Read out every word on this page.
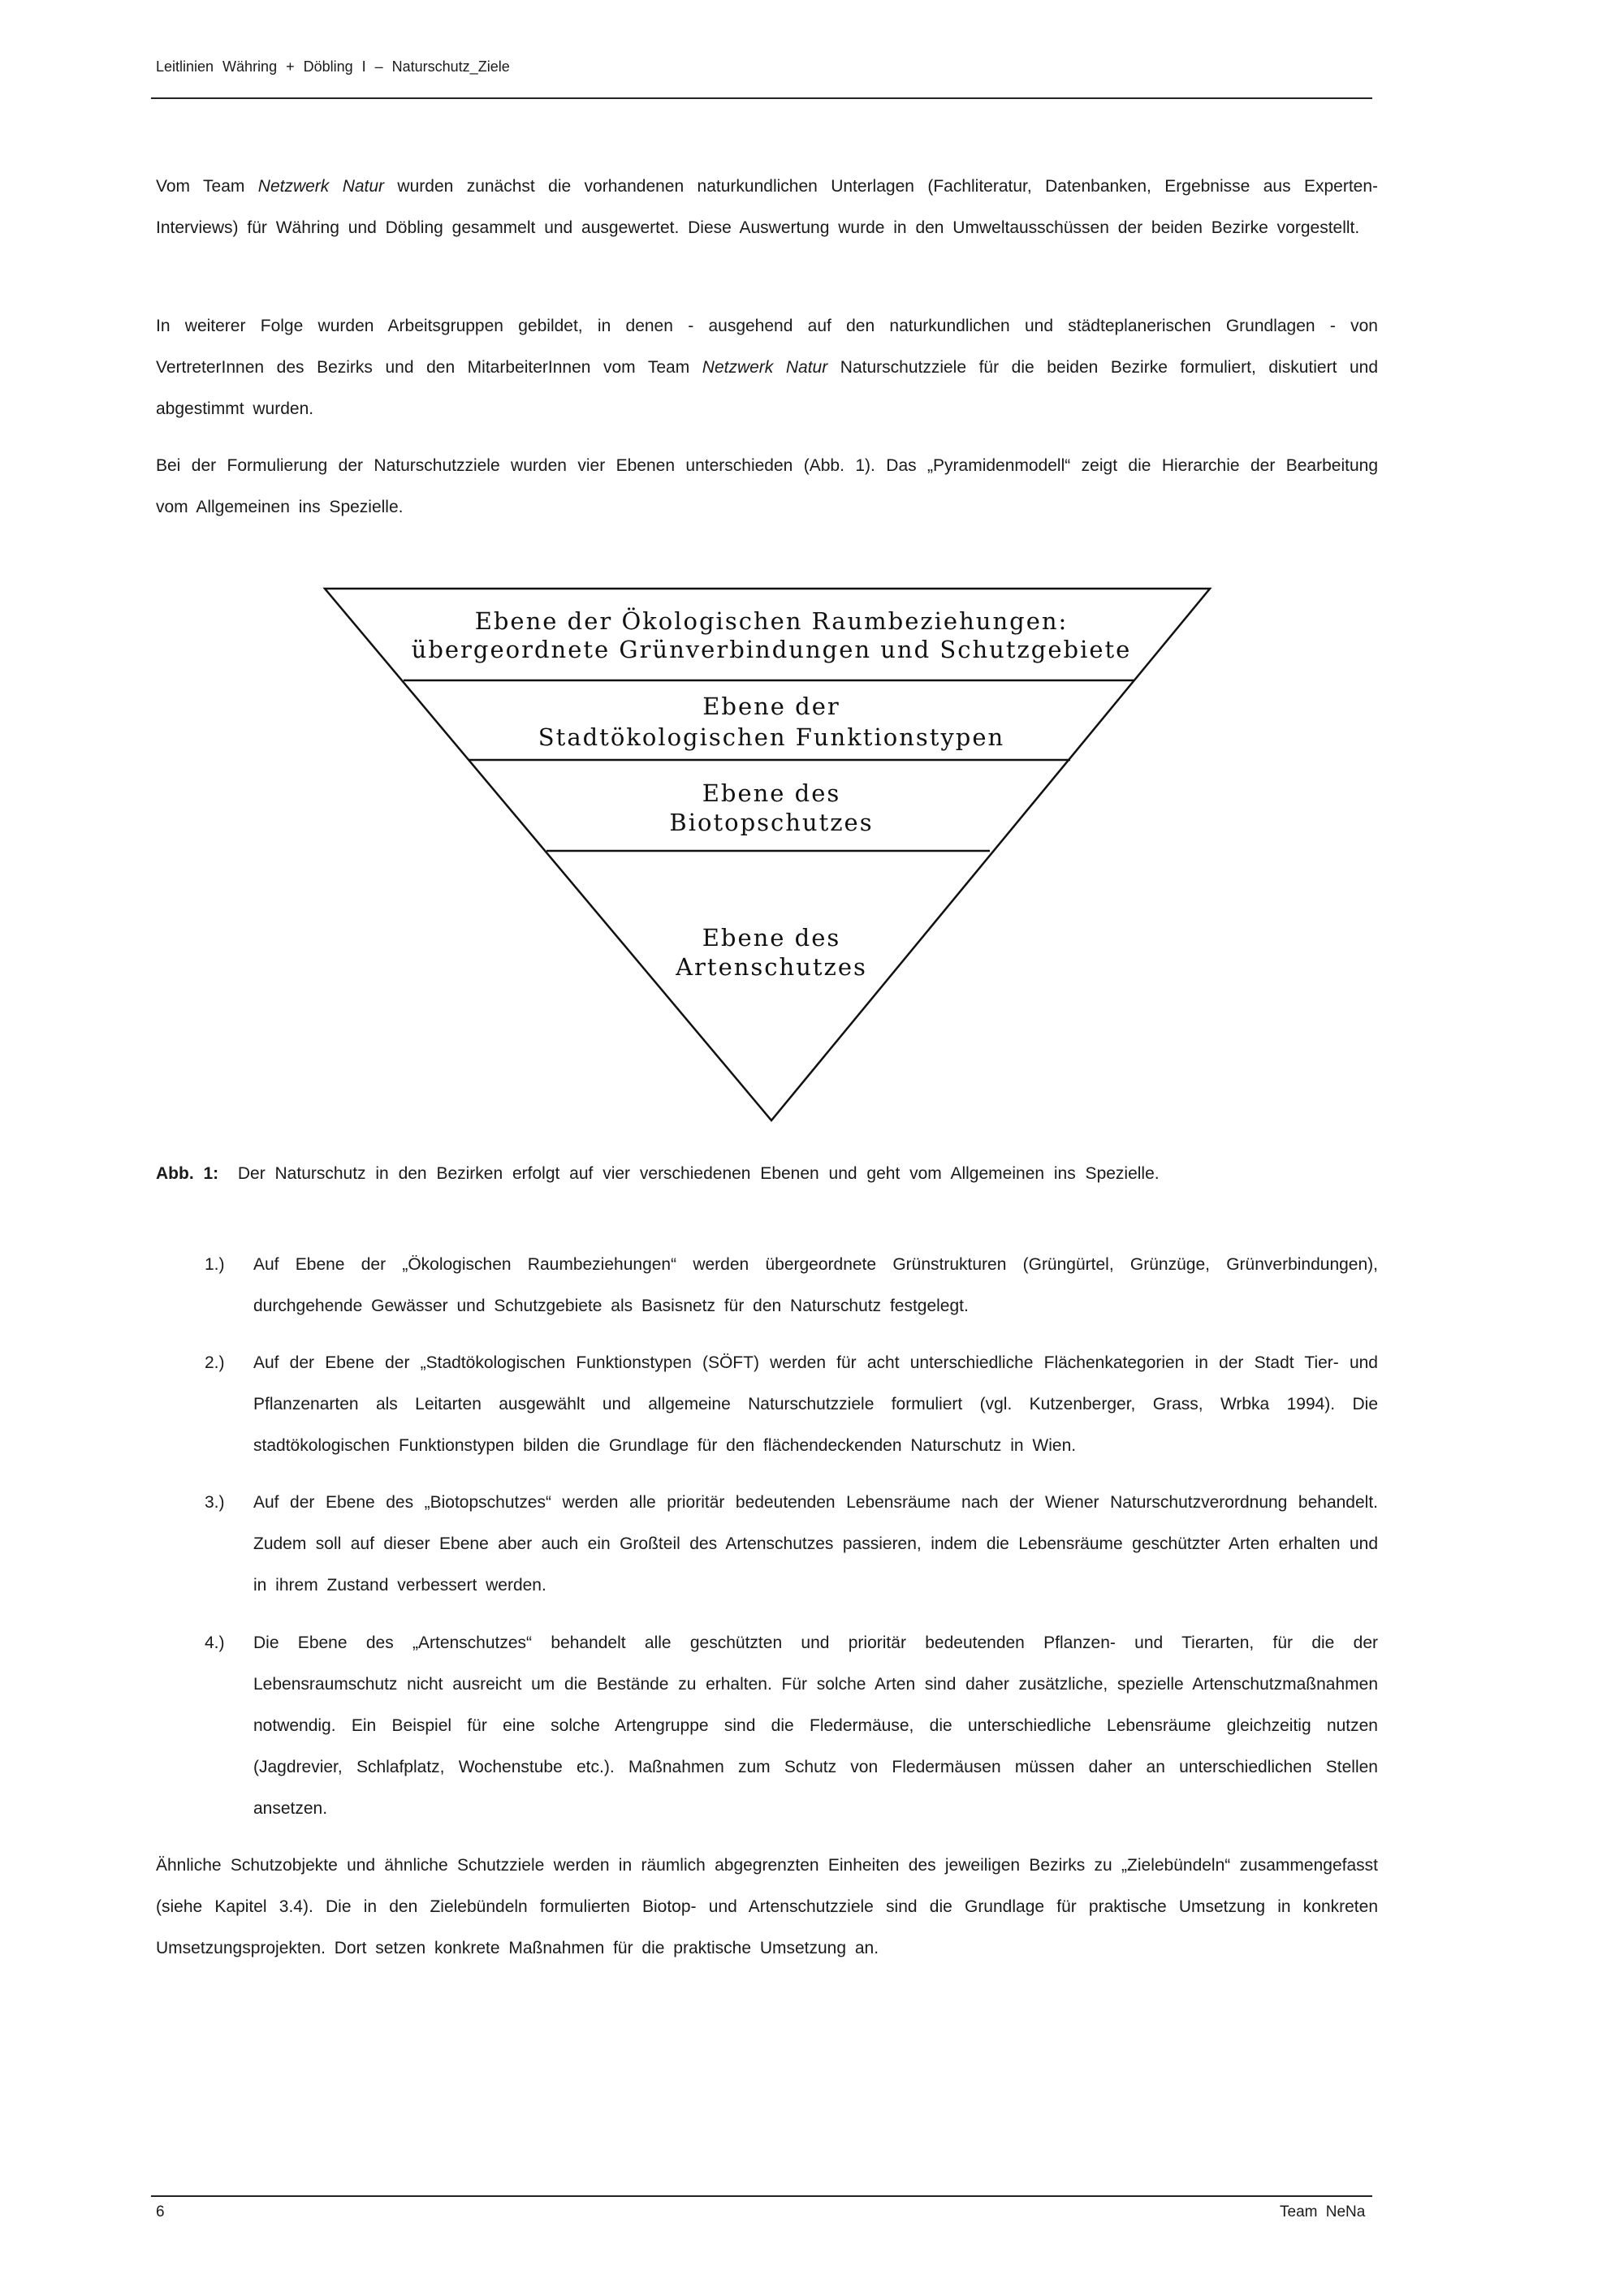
Leitlinien Währing + Döbling I – Naturschutz_Ziele
Vom Team Netzwerk Natur wurden zunächst die vorhandenen naturkundlichen Unterlagen (Fachliteratur, Datenbanken, Ergebnisse aus Experten-Interviews) für Währing und Döbling gesammelt und ausgewertet. Diese Auswertung wurde in den Umweltausschüssen der beiden Bezirke vorgestellt.
In weiterer Folge wurden Arbeitsgruppen gebildet, in denen - ausgehend auf den naturkundlichen und städteplanerischen Grundlagen - von VertreterInnen des Bezirks und den MitarbeiterInnen vom Team Netzwerk Natur Naturschutzziele für die beiden Bezirke formuliert, diskutiert und abgestimmt wurden.
Bei der Formulierung der Naturschutzziele wurden vier Ebenen unterschieden (Abb. 1). Das „Pyramidenmodell“ zeigt die Hierarchie der Bearbeitung vom Allgemeinen ins Spezielle.
Ebene der Ökologischen Raumbeziehungen:
übergeordnete Grünverbindungen und Schutzgebiete
Ebene der
Stadtökologischen Funktionstypen
Ebene des
Biotopschutzes
Ebene des
Artenschutzes
Abb. 1: Der Naturschutz in den Bezirken erfolgt auf vier verschiedenen Ebenen und geht vom Allgemeinen ins Spezielle.
1.) Auf Ebene der „Ökologischen Raumbeziehungen“ werden übergeordnete Grünstrukturen (Grüngürtel, Grünzüge, Grünverbindungen), durchgehende Gewässer und Schutzgebiete als Basisnetz für den Naturschutz festgelegt.
2.) Auf der Ebene der „Stadtökologischen Funktionstypen (SÖFT) werden für acht unterschiedliche Flächenkategorien in der Stadt Tier- und Pflanzenarten als Leitarten ausgewählt und allgemeine Naturschutzziele formuliert (vgl. Kutzenberger, Grass, Wrbka 1994). Die stadtökologischen Funktionstypen bilden die Grundlage für den flächendeckenden Naturschutz in Wien.
3.) Auf der Ebene des „Biotopschutzes“ werden alle prioritär bedeutenden Lebensräume nach der Wiener Naturschutzverordnung behandelt. Zudem soll auf dieser Ebene aber auch ein Großteil des Artenschutzes passieren, indem die Lebensräume geschützter Arten erhalten und in ihrem Zustand verbessert werden.
4.) Die Ebene des „Artenschutzes“ behandelt alle geschützten und prioritär bedeutenden Pflanzen- und Tierarten, für die der Lebensraumschutz nicht ausreicht um die Bestände zu erhalten. Für solche Arten sind daher zusätzliche, spezielle Artenschutzmaßnahmen notwendig. Ein Beispiel für eine solche Artengruppe sind die Fledermäuse, die unterschiedliche Lebensräume gleichzeitig nutzen (Jagdrevier, Schlafplatz, Wochenstube etc.). Maßnahmen zum Schutz von Fledermäusen müssen daher an unterschiedlichen Stellen ansetzen.
Ähnliche Schutzobjekte und ähnliche Schutzziele werden in räumlich abgegrenzten Einheiten des jeweiligen Bezirks zu „Zielebündeln“ zusammengefasst (siehe Kapitel 3.4). Die in den Zielebündeln formulierten Biotop- und Artenschutzziele sind die Grundlage für praktische Umsetzung in konkreten Umsetzungsprojekten. Dort setzen konkrete Maßnahmen für die praktische Umsetzung an.
6	Team NeNa
